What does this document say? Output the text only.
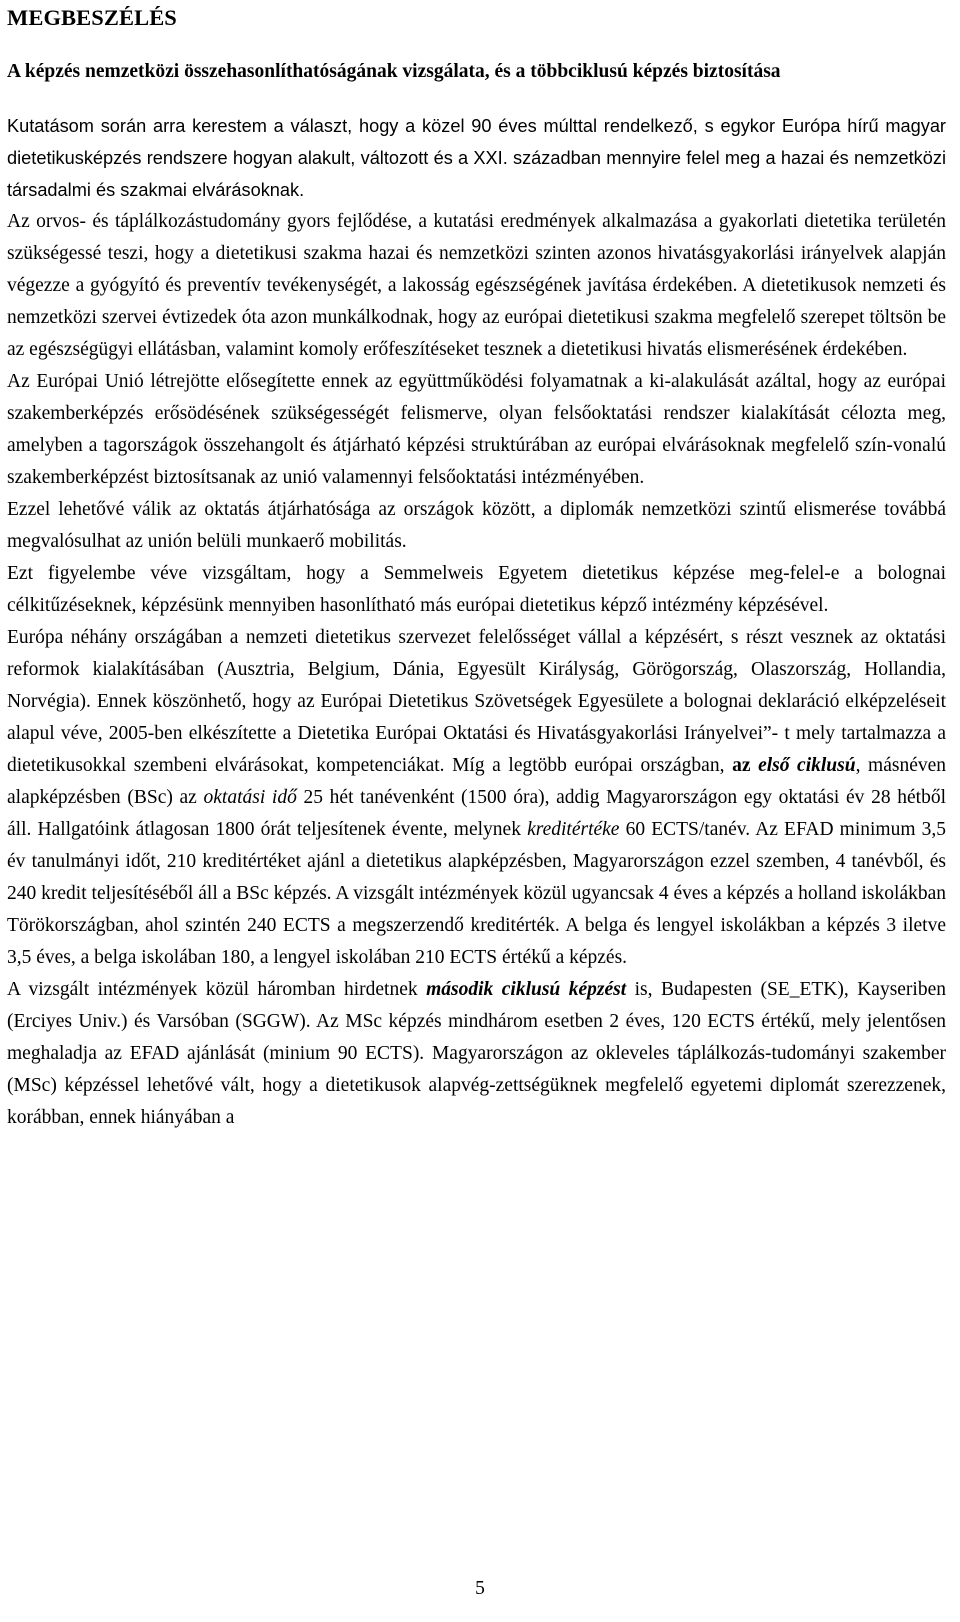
MEGBESZÉLÉS
A képzés nemzetközi összehasonlíthatóságának vizsgálata, és a többciklusú képzés biztosítása

Kutatásom során arra kerestem a választ, hogy a közel 90 éves múlttal rendelkező, s egykor Európa hírű magyar dietetikusképzés rendszere hogyan alakult, változott és a XXI. században mennyire felel meg a hazai és nemzetközi társadalmi és szakmai elvárásoknak.

Az orvos- és táplálkozástudomány gyors fejlődése, a kutatási eredmények alkalmazása a gyakorlati dietetika területén szükségessé teszi, hogy a dietetikusi szakma hazai és nemzetközi szinten azonos hivatásgyakorlási irányelvek alapján végezze a gyógyító és preventív tevékenységét, a lakosság egészségének javítása érdekében. A dietetikusok nemzeti és nemzetközi szervei évtizedek óta azon munkálkodnak, hogy az európai dietetikusi szakma megfelelő szerepet töltsön be az egészségügyi ellátásban, valamint komoly erőfeszítéseket tesznek a dietetikusi hivatás elismerésének érdekében.

Az Európai Unió létrejötte elősegítette ennek az együttműködési folyamatnak a ki-alakulását azáltal, hogy az európai szakemberképzés erősödésének szükségességét felismerve, olyan felsőoktatási rendszer kialakítását célozta meg, amelyben a tagországok összehangolt és átjárható képzési struktúrában az európai elvárásoknak megfelelő szín-vonalú szakemberképzést biztosítsanak az unió valamennyi felsőoktatási intézményében.

Ezzel lehetővé válik az oktatás átjárhatósága az országok között, a diplomák nemzetközi szintű elismerése továbbá megvalósulhat az unión belüli munkaerő mobilitás.

Ezt figyelembe véve vizsgáltam, hogy a Semmelweis Egyetem dietetikus képzése meg-felel-e a bolognai célkitűzéseknek, képzésünk mennyiben hasonlítható más európai dietetikus képző intézmény képzésével.

Európa néhány országában a nemzeti dietetikus szervezet felelősséget vállal a képzésért, s részt vesznek az oktatási reformok kialakításában (Ausztria, Belgium, Dánia, Egyesült Királyság, Görögország, Olaszország, Hollandia, Norvégia). Ennek köszönhető, hogy az Európai Dietetikus Szövetségek Egyesülete a bolognai deklaráció elképzeléseit alapul véve, 2005-ben elkészítette a Dietetika Európai Oktatási és Hivatásgyakorlási Irányelvei”- t mely tartalmazza a dietetikusokkal szembeni elvárásokat, kompetenciákat. Míg a legtöbb európai országban, az első ciklusú, másnéven alapképzésben (BSc) az oktatási idő 25 hét tanévenként (1500 óra), addig Magyarországon egy oktatási év 28 hétből áll. Hallgatóink átlagosan 1800 órát teljesítenek évente, melynek kreditértéke 60 ECTS/tanév. Az EFAD minimum 3,5 év tanulmányi időt, 210 kreditértéket ajánl a dietetikus alapképzésben, Magyarországon ezzel szemben, 4 tanévből, és 240 kredit teljesítéséből áll a BSc képzés. A vizsgált intézmények közül ugyancsak 4 éves a képzés a holland iskolákban Törökországban, ahol szintén 240 ECTS a megszerzendő kreditérték. A belga és lengyel iskolákban a képzés 3 iletve 3,5 éves, a belga iskolában 180, a lengyel iskolában 210 ECTS értékű a képzés.

A vizsgált intézmények közül háromban hirdetnek második ciklusú képzést is, Budapesten (SE_ETK), Kayseriben (Erciyes Univ.) és Varsóban (SGGW). Az MSc képzés mindhárom esetben 2 éves, 120 ECTS értékű, mely jelentősen meghaladja az EFAD ajánlását (minium 90 ECTS). Magyarországon az okleveles táplálkozás-tudományi szakember (MSc) képzéssel lehetővé vált, hogy a dietetikusok alapvég-zettségüknek megfelelő egyetemi diplomát szerezzenek, korábban, ennek hiányában a

5
